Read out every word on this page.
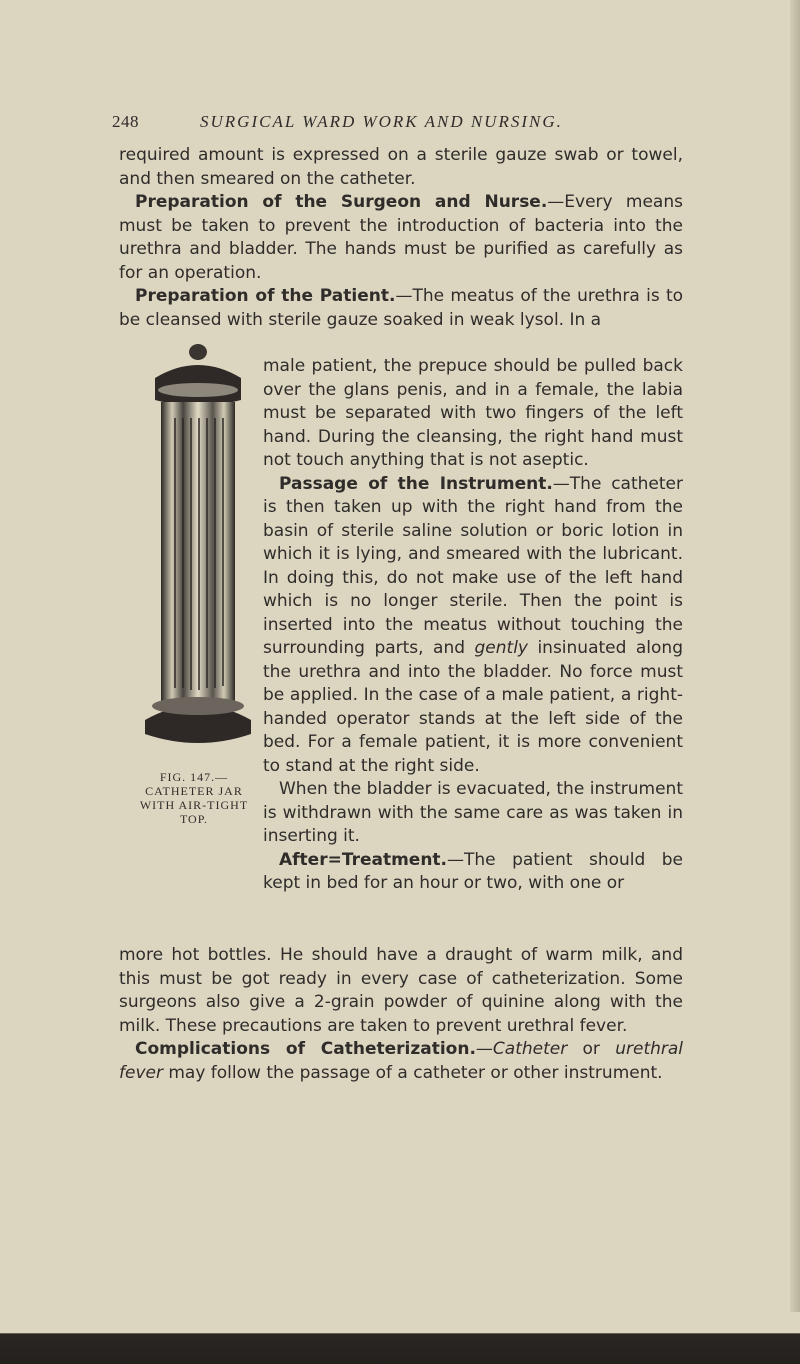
248	SURGICAL WARD WORK AND NURSING.

required amount is expressed on a sterile gauze swab or towel, and then smeared on the catheter.

Preparation of the Surgeon and Nurse.—Every means must be taken to prevent the introduction of bacteria into the urethra and bladder. The hands must be purified as carefully as for an operation.

Preparation of the Patient.—The meatus of the urethra is to be cleansed with sterile gauze soaked in weak lysol. In a

male patient, the prepuce should be pulled back over the glans penis, and in a female, the labia must be separated with two fingers of the left hand. During the cleansing, the right hand must not touch anything that is not aseptic.

Passage of the Instrument.—The catheter is then taken up with the right hand from the basin of sterile saline solution or boric lotion in which it is lying, and smeared with the lubricant. In doing this, do not make use of the left hand which is no longer sterile. Then the point is inserted into the meatus without touching the surrounding parts, and gently insinuated along the urethra and into the bladder. No force must be applied. In the case of a male patient, a right-handed operator stands at the left side of the bed. For a female patient, it is more convenient to stand at the right side.

When the bladder is evacuated, the instrument is withdrawn with the same care as was taken in inserting it.

After=Treatment.—The patient should be kept in bed for an hour or two, with one or

FIG. 147.—
CATHETER JAR
WITH AIR-TIGHT
TOP.

more hot bottles. He should have a draught of warm milk, and this must be got ready in every case of catheterization. Some surgeons also give a 2-grain powder of quinine along with the milk. These precautions are taken to prevent urethral fever.

Complications of Catheterization.—Catheter or urethral fever may follow the passage of a catheter or other instrument.
